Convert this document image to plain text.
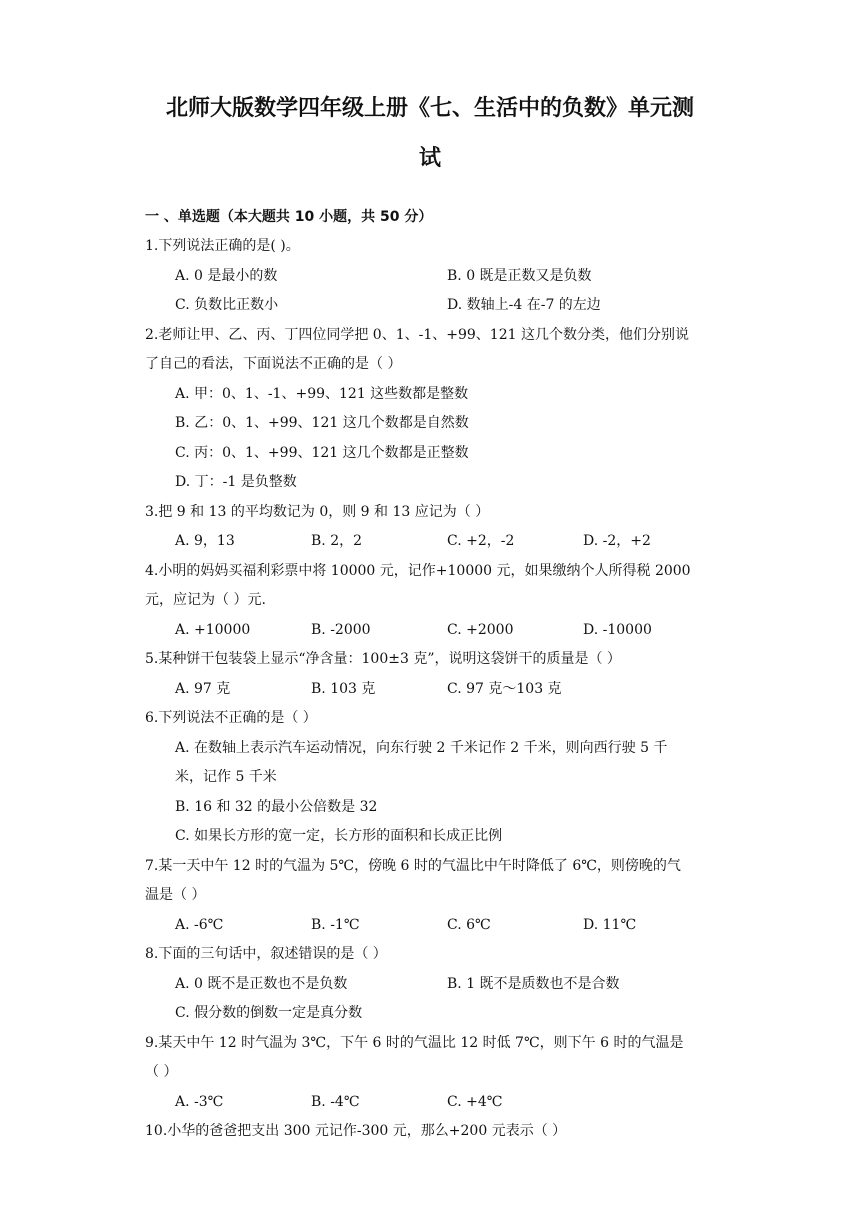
北师大版数学四年级上册《七、生活中的负数》单元测
试
一 、单选题（本大题共 10 小题，共 50 分）
1.下列说法正确的是( )。
A. 0 是最小的数	B. 0 既是正数又是负数
C. 负数比正数小	D. 数轴上-4 在-7 的左边
2.老师让甲、乙、丙、丁四位同学把 0、1、-1、+99、121 这几个数分类，他们分别说
了自己的看法，下面说法不正确的是（ ）
A. 甲：0、1、-1、+99、121 这些数都是整数
B. 乙：0、1、+99、121 这几个数都是自然数
C. 丙：0、1、+99、121 这几个数都是正整数
D. 丁：-1 是负整数
3.把 9 和 13 的平均数记为 0，则 9 和 13 应记为（ ）
A. 9，13	B. 2，2	C. +2，-2	D. -2，+2
4.小明的妈妈买福利彩票中将 10000 元，记作+10000 元，如果缴纳个人所得税 2000
元，应记为（ ）元.
A. +10000	B. -2000	C. +2000	D. -10000
5.某种饼干包装袋上显示“净含量：100±3 克”，说明这袋饼干的质量是（ ）
A. 97 克	B. 103 克	C. 97 克～103 克
6.下列说法不正确的是（ ）
A. 在数轴上表示汽车运动情况，向东行驶 2 千米记作 2 千米，则向西行驶 5 千
米，记作 5 千米
B. 16 和 32 的最小公倍数是 32
C. 如果长方形的宽一定，长方形的面积和长成正比例
7.某一天中午 12 时的气温为 5℃，傍晚 6 时的气温比中午时降低了 6℃，则傍晚的气
温是（ ）
A. -6℃	B. -1℃	C. 6℃	D. 11℃
8.下面的三句话中，叙述错误的是（ ）
A. 0 既不是正数也不是负数	B. 1 既不是质数也不是合数
C. 假分数的倒数一定是真分数
9.某天中午 12 时气温为 3℃，下午 6 时的气温比 12 时低 7℃，则下午 6 时的气温是
（ ）
A. -3℃	B. -4℃	C. +4℃
10.小华的爸爸把支出 300 元记作-300 元，那么+200 元表示（ ）
